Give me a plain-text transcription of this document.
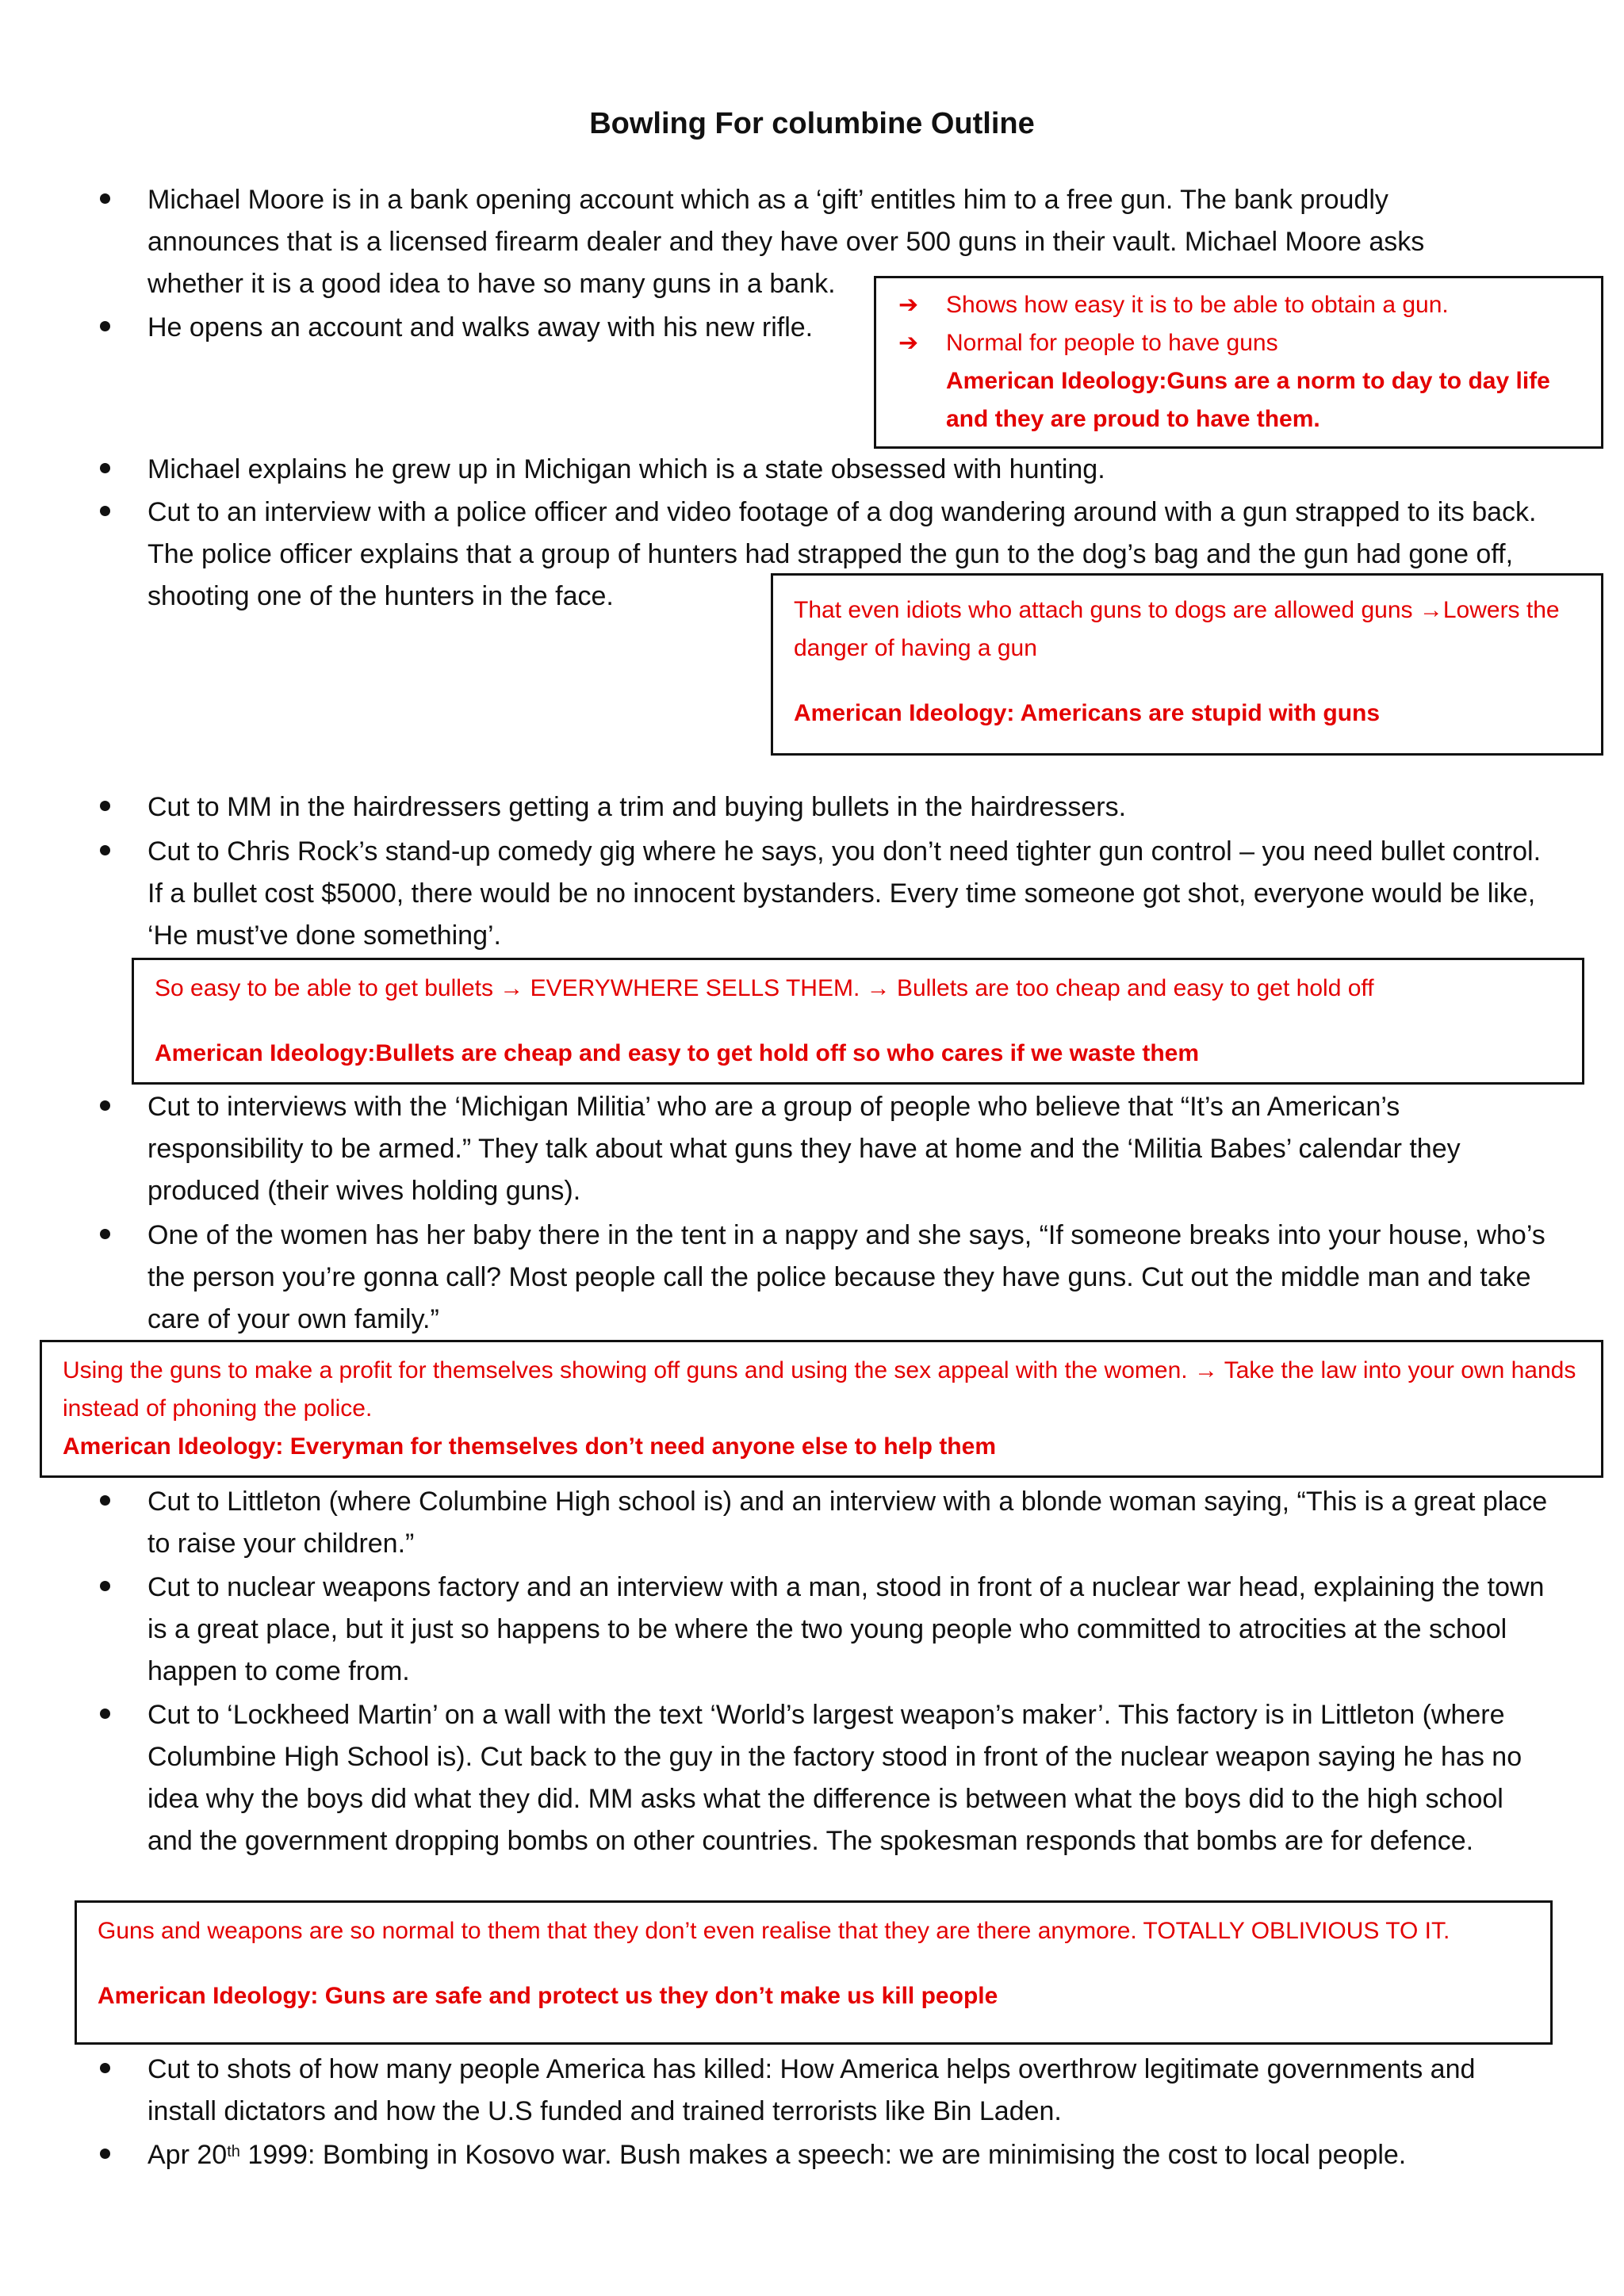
Bowling For columbine Outline
Michael Moore is in a bank opening account which as a ‘gift’ entitles him to a free gun. The bank proudly announces that is a licensed firearm dealer and they have over 500 guns in their vault. Michael Moore asks whether it is a good idea to have so many guns in a bank.
He opens an account and walks away with his new rifle.
➔ Shows how easy it is to be able to obtain a gun.
➔ Normal for people to have guns
American Ideology:Guns are a norm to day to day life and they are proud to have them.
Michael explains he grew up in Michigan which is a state obsessed with hunting.
Cut to an interview with a police officer and video footage of a dog wandering around with a gun strapped to its back. The police officer explains that a group of hunters had strapped the gun to the dog’s bag and the gun had gone off, shooting one of the hunters in the face.	That even idiots who attach guns to dogs are allowed guns →Lowers the danger of having a gun
American Ideology: Americans are stupid with guns
Cut to MM in the hairdressers getting a trim and buying bullets in the hairdressers.
Cut to Chris Rock’s stand-up comedy gig where he says, you don’t need tighter gun control – you need bullet control. If a bullet cost $5000, there would be no innocent bystanders. Every time someone got shot, everyone would be like, ‘He must’ve done something’.
So easy to be able to get bullets → EVERYWHERE SELLS THEM. → Bullets are too cheap and easy to get hold off
American Ideology:Bullets are cheap and easy to get hold off so who cares if we waste them
Cut to interviews with the ‘Michigan Militia’ who are a group of people who believe that “It’s an American’s responsibility to be armed.” They talk about what guns they have at home and the ‘Militia Babes’ calendar they produced (their wives holding guns).
One of the women has her baby there in the tent in a nappy and she says, “If someone breaks into your house, who’s the person you’re gonna call? Most people call the police because they have guns. Cut out the middle man and take care of your own family.”
Using the guns to make a profit for themselves showing off guns and using the sex appeal with the women. → Take the law into your own hands instead of phoning the police.
American Ideology: Everyman for themselves don’t need anyone else to help them
Cut to Littleton (where Columbine High school is) and an interview with a blonde woman saying, “This is a great place to raise your children.”
Cut to nuclear weapons factory and an interview with a man, stood in front of a nuclear war head, explaining the town is a great place, but it just so happens to be where the two young people who committed to atrocities at the school happen to come from.
Cut to ‘Lockheed Martin’ on a wall with the text ‘World’s largest weapon’s maker’. This factory is in Littleton (where Columbine High School is). Cut back to the guy in the factory stood in front of the nuclear weapon saying he has no idea why the boys did what they did. MM asks what the difference is between what the boys did to the high school and the government dropping bombs on other countries. The spokesman responds that bombs are for defence.
Guns and weapons are so normal to them that they don’t even realise that they are there anymore. TOTALLY OBLIVIOUS TO IT.
American Ideology: Guns are safe and protect us they don’t make us kill people
Cut to shots of how many people America has killed: How America helps overthrow legitimate governments and install dictators and how the U.S funded and trained terrorists like Bin Laden.
Apr 20th 1999: Bombing in Kosovo war. Bush makes a speech: we are minimising the cost to local people.
